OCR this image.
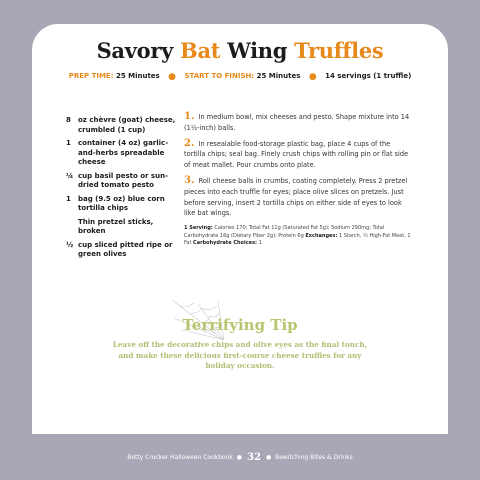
Savory Bat Wing Truffles
PREP TIME: 25 Minutes ● START TO FINISH: 25 Minutes ● 14 servings (1 truffle)
8	oz chèvre (goat) cheese, crumbled (1 cup)
1	container (4 oz) garlic-and-herbs spreadable cheese
¼ cup basil pesto or sun-dried tomato pesto
1	bag (9.5 oz) blue corn tortilla chips
Thin pretzel sticks, broken
½ cup sliced pitted ripe or green olives

1. In medium bowl, mix cheeses and pesto. Shape mixture into 14 (1½-inch) balls.

2. In resealable food-storage plastic bag, place 4 cups of the tortilla chips; seal bag. Finely crush chips with rolling pin or flat side of meat mallet. Pour crumbs onto plate.

3. Roll cheese balls in crumbs, coating completely. Press 2 pretzel pieces into each truffle for eyes; place olive slices on pretzels. Just before serving, insert 2 tortilla chips on either side of eyes to look like bat wings.

1 Serving: Calories 170; Total Fat 11g (Saturated Fat 5g); Sodium 290mg; Total Carbohydrate 16g (Dietary Fiber 2g); Protein 6g Exchanges: 1 Starch, ½ High-Fat Meat, 1 Fat Carbohydrate Choices: 1

Terrifying Tip

Leave off the decorative chips and olive eyes as the final touch, and make these delicious first-course cheese truffles for any holiday occasion.

Betty Crocker Halloween Cookbook ● 32 ● Bewitching Bites & Drinks
